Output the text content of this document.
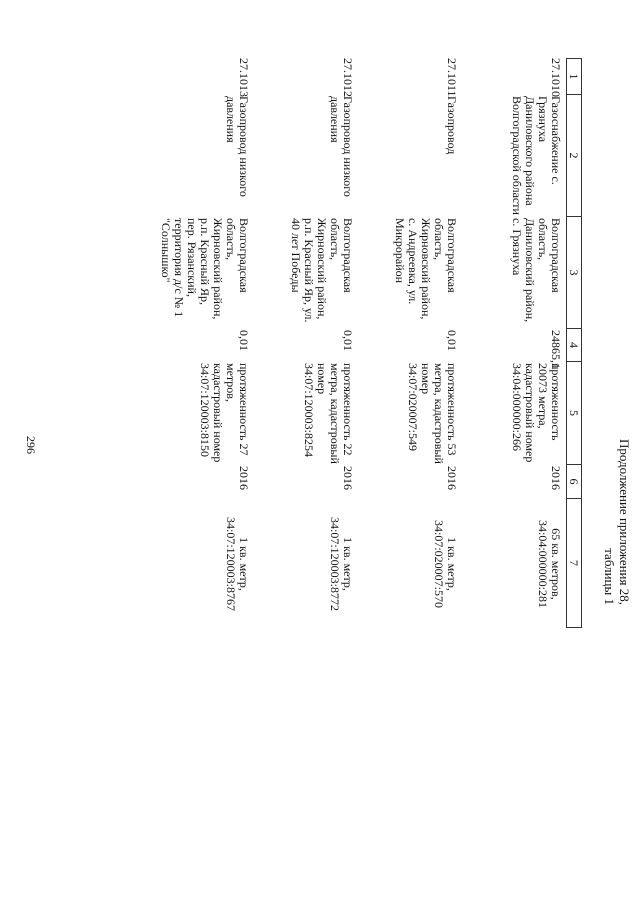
296	Продолжение приложения 28,
таблицы 1
1
2
3
4
5
6
7
27.1010
Газоснабжение с. Грязнуха Даниловского района Волгоградской области
Волгоградская область, Даниловский район, с. Грязнуха
24865,1
протяженность 20073 метра, кадастровый номер 34:04:000000:266
2016
65 кв. метров, 34:04:000000:281
27.1011
Газопровод
Волгоградская область, Жирновский район, с. Андреевка, ул. Микрорайон
0,01
протяженность 53 метра, кадастровый номер 34:07:020007:549
2016
1 кв. метр, 34:07:020007:570
27.1012
Газопровод низкого давления
Волгоградская область, Жирновский район, р.п. Красный Яр, ул. 40 лет Победы
0,01
протяженность 22 метра, кадастровый номер 34:07:120003:8254
2016
1 кв. метр, 34:07:120003:8772
27.1013
Газопровод низкого давления
Волгоградская область, Жирновский район, р.п. Красный Яр, пер. Рязанский, территория д/с № 1 "Солнышко"
0,01
протяженность 27 метров, кадастровый номер 34:07:120003:8150
2016
1 кв. метр, 34:07:120003:8767
